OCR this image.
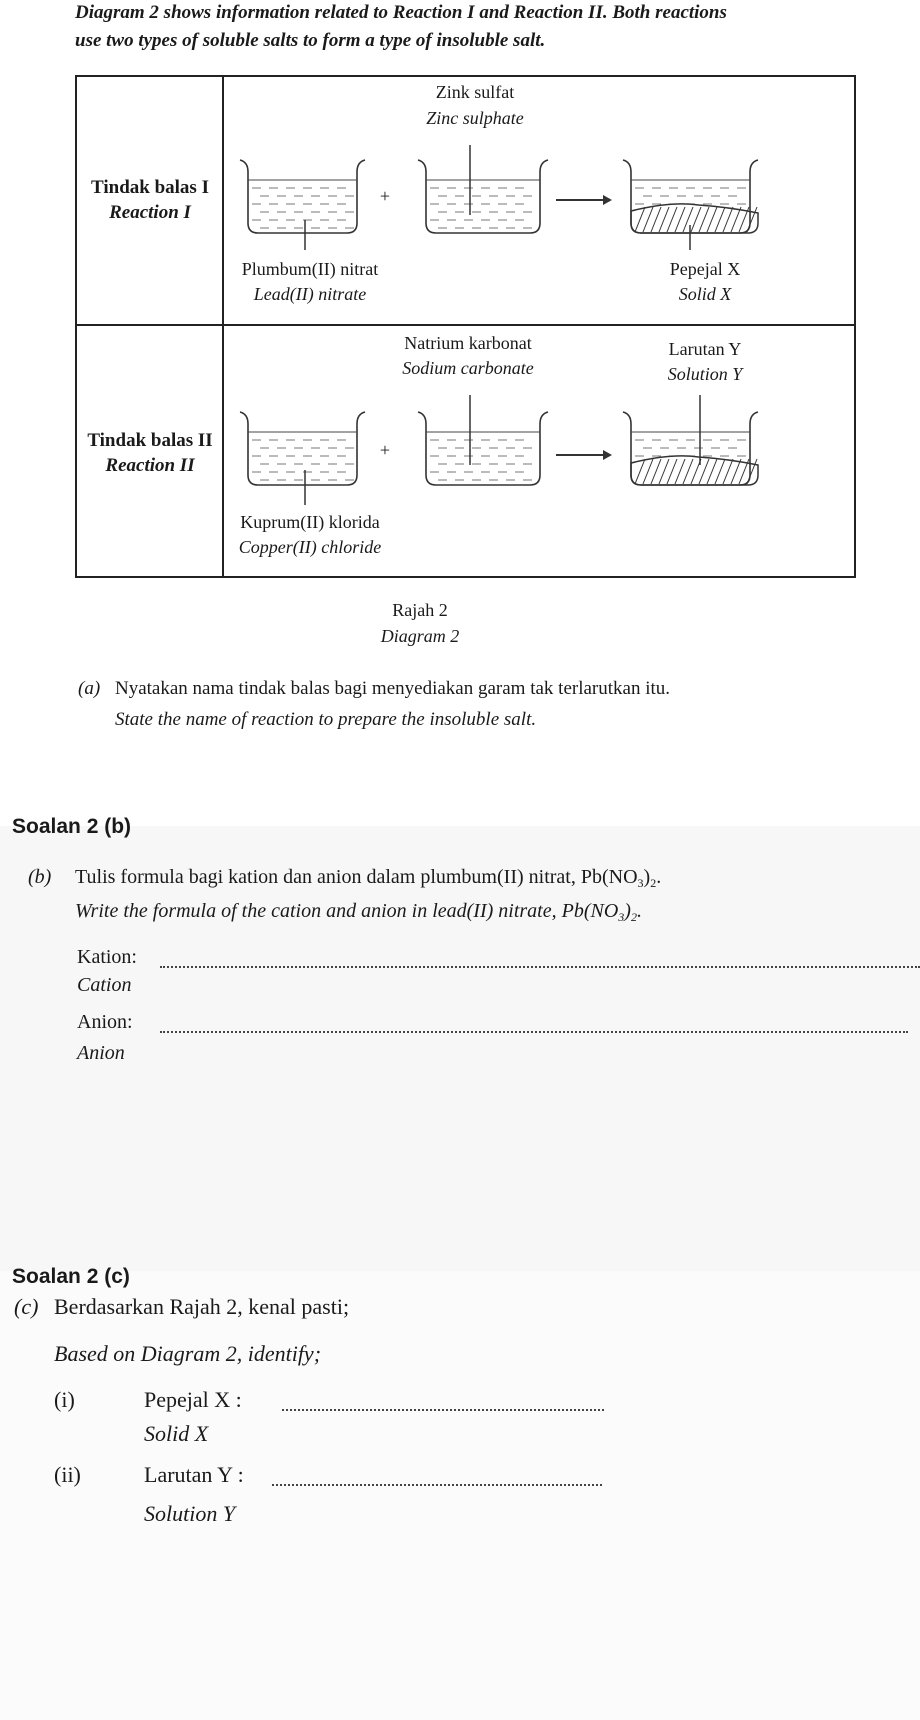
Diagram 2 shows information related to Reaction I and Reaction II. Both reactions
use two types of soluble salts to form a type of insoluble salt.
Tindak balas I
Reaction I
Zink sulfat
Zinc sulphate
+
Plumbum(II) nitrat
Lead(II) nitrate
Pepejal X
Solid X
Tindak balas II
Reaction II
Natrium karbonat
Sodium carbonate
+
Larutan Y
Solution Y
Kuprum(II) klorida
Copper(II) chloride
Rajah 2
Diagram 2
(a) Nyatakan nama tindak balas bagi menyediakan garam tak terlarutkan itu.
State the name of reaction to prepare the insoluble salt.
Soalan 2 (b)
(b) Tulis formula bagi kation dan anion dalam plumbum(II) nitrat, $Pb(NO_3)_2$.
Write the formula of the cation and anion in lead(II) nitrate, $Pb(NO_3)_2$.
Kation:
Cation
Anion:
Anion
Soalan 2 (c)
(c) Berdasarkan Rajah 2, kenal pasti;
Based on Diagram 2, identify;
(i)	Pepejal X :
Solid X
(ii)	Larutan Y :
Solution Y
